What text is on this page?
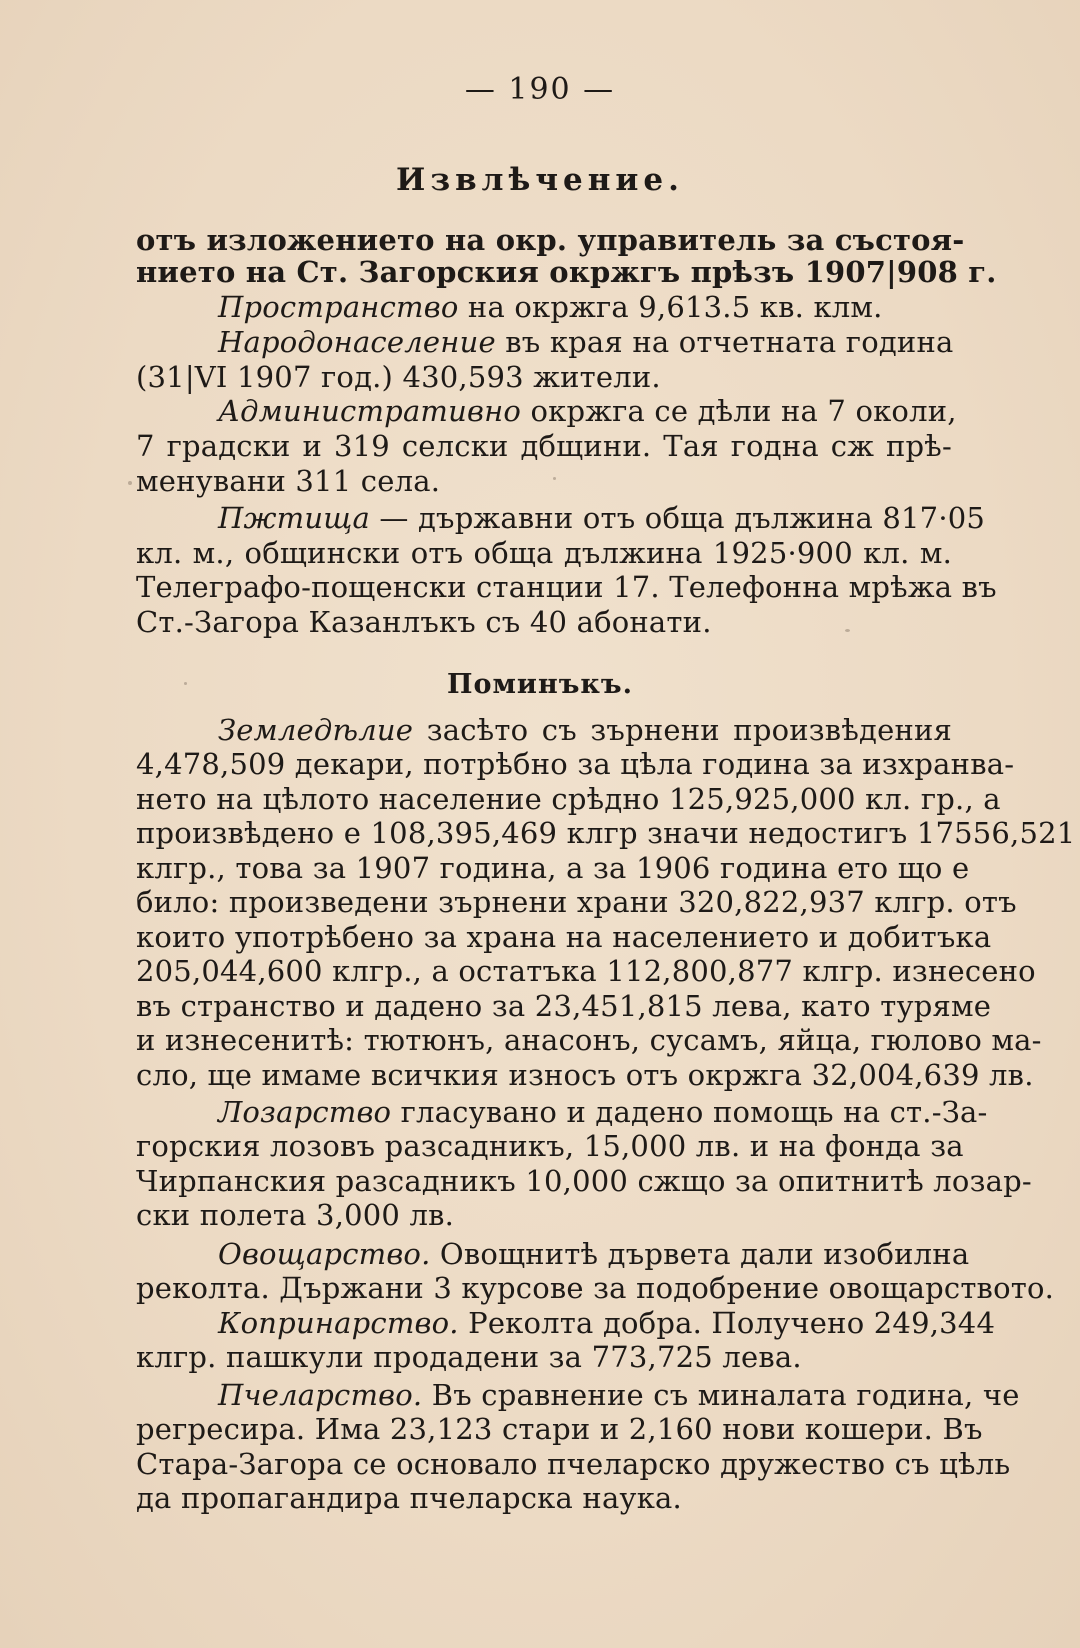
— 190 —
Извлѣчение.
отъ изложението на окр. управитель за състоя-
нието на Ст. Загорския окржгъ прѣзъ 1907|908 г.
Пространство на окржга 9,613.5 кв. клм.
Народонаселение въ края на отчетната година
(31|VI 1907 год.) 430,593 жители.
Административно окржга се дѣли на 7 околи,
7 градски и 319 селски дбщини. Тая годна сж прѣ-
менувани 311 села.
Пжтища — държавни отъ обща дължина 817·05
кл. м., общински отъ обща дължина 1925·900 кл. м.
Телеграфо-пощенски станции 17. Телефонна мрѣжа въ
Ст.-Загора Казанлъкъ съ 40 абонати.
Поминъкъ.
Земледѣлие засѣто съ зърнени произвѣдения
4,478,509 декари, потрѣбно за цѣла година за изхранва-
нето на цѣлото население срѣдно 125,925,000 кл. гр., а
произвѣдено е 108,395,469 клгр значи недостигъ 17556,521
клгр., това за 1907 година, а за 1906 година ето що е
било: произведени зърнени храни 320,822,937 клгр. отъ
които употрѣбено за храна на населението и добитъка
205,044,600 клгр., а остатъка 112,800,877 клгр. изнесено
въ странство и дадено за 23,451,815 лева, като туряме
и изнесенитѣ: тютюнъ, анасонъ, сусамъ, яйца, гюлово ма-
сло, ще имаме всичкия износъ отъ окржга 32,004,639 лв.
Лозарство гласувано и дадено помощь на ст.-За-
горския лозовъ разсадникъ, 15,000 лв. и на фонда за
Чирпанския разсадникъ 10,000 сжщо за опитнитѣ лозар-
ски полета 3,000 лв.
Овощарство. Овощнитѣ дървета дали изобилна
реколта. Държани 3 курсове за подобрение овощарството.
Копринарство. Реколта добра. Получено 249,344
клгр. пашкули продадени за 773,725 лева.
Пчеларство. Въ сравнение съ миналата година, че
регресира. Има 23,123 стари и 2,160 нови кошери. Въ
Стара-Загора се основало пчеларско дружество съ цѣль
да пропагандира пчеларска наука.
